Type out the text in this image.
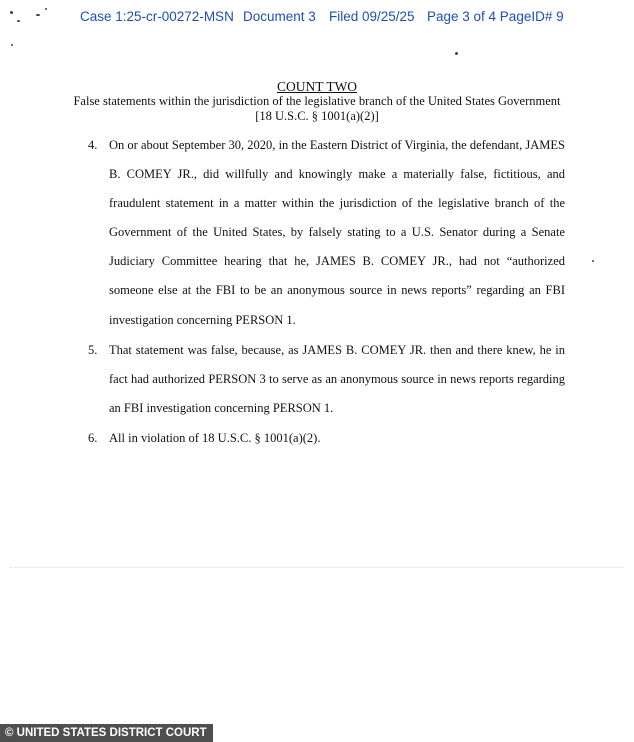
Case 1:25-cr-00272-MSN Document 3 Filed 09/25/25 Page 3 of 4 PageID# 9
COUNT TWO
False statements within the jurisdiction of the legislative branch of the United States Government
[18 U.S.C. § 1001(a)(2)]
4. On or about September 30, 2020, in the Eastern District of Virginia, the defendant, JAMES
B. COMEY JR., did willfully and knowingly make a materially false, fictitious, and
fraudulent statement in a matter within the jurisdiction of the legislative branch of the
Government of the United States, by falsely stating to a U.S. Senator during a Senate
Judiciary Committee hearing that he, JAMES B. COMEY JR., had not “authorized
someone else at the FBI to be an anonymous source in news reports” regarding an FBI
investigation concerning PERSON 1.
5. That statement was false, because, as JAMES B. COMEY JR. then and there knew, he in
fact had authorized PERSON 3 to serve as an anonymous source in news reports regarding
an FBI investigation concerning PERSON 1.
6. All in violation of 18 U.S.C. § 1001(a)(2).
© UNITED STATES DISTRICT COURT
